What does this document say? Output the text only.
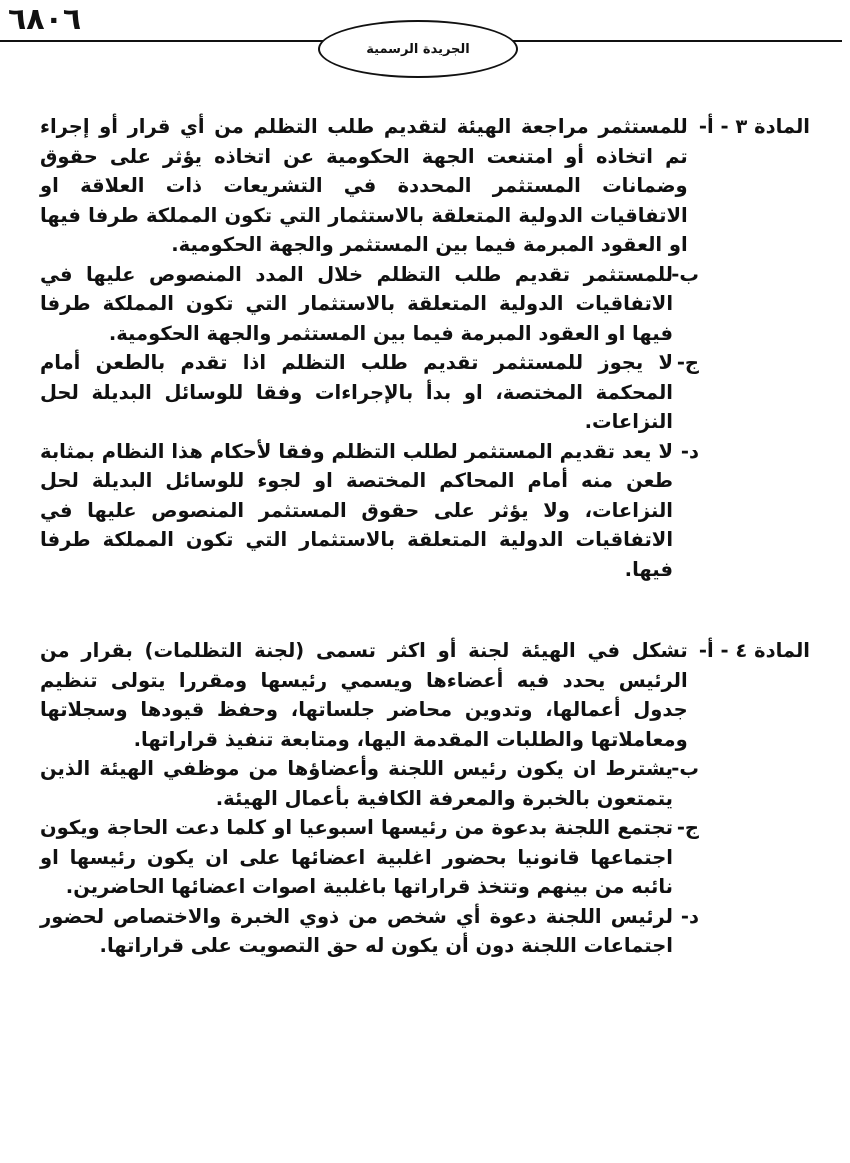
٦٨٠٦
الجريدة الرسمية
المادة ٣ -

أ-
للمستثمر مراجعة الهيئة لتقديم طلب التظلم من أي قرار أو إجراء تم اتخاذه أو امتنعت الجهة الحكومية عن اتخاذه يؤثر على حقوق وضمانات المستثمر المحددة في التشريعات ذات العلاقة او الاتفاقيات الدولية المتعلقة بالاستثمار التي تكون المملكة طرفا فيها او العقود المبرمة فيما بين المستثمر والجهة الحكومية.
ب-
للمستثمر تقديم طلب التظلم خلال المدد المنصوص عليها في الاتفاقيات الدولية المتعلقة بالاستثمار التي تكون المملكة طرفا فيها او العقود المبرمة فيما بين المستثمر والجهة الحكومية.
ج-
لا يجوز للمستثمر تقديم طلب التظلم اذا تقدم بالطعن أمام المحكمة المختصة، او بدأ بالإجراءات وفقا للوسائل البديلة لحل النزاعات.
د-
لا يعد تقديم المستثمر لطلب التظلم وفقا لأحكام هذا النظام بمثابة طعن منه أمام المحاكم المختصة او لجوء للوسائل البديلة لحل النزاعات، ولا يؤثر على حقوق المستثمر المنصوص عليها في الاتفاقيات الدولية المتعلقة بالاستثمار التي تكون المملكة طرفا فيها.
المادة ٤ -

أ-
تشكل في الهيئة لجنة أو اكثر تسمى (لجنة التظلمات) بقرار من الرئيس يحدد فيه أعضاءها ويسمي رئيسها ومقررا يتولى تنظيم جدول أعمالها، وتدوين محاضر جلساتها، وحفظ قيودها وسجلاتها ومعاملاتها والطلبات المقدمة اليها، ومتابعة تنفيذ قراراتها.
ب-
يشترط ان يكون رئيس اللجنة وأعضاؤها من موظفي الهيئة الذين يتمتعون بالخبرة والمعرفة الكافية بأعمال الهيئة.
ج-
تجتمع اللجنة بدعوة من رئيسها اسبوعيا او كلما دعت الحاجة ويكون اجتماعها قانونيا بحضور اغلبية اعضائها على ان يكون رئيسها او نائبه من بينهم وتتخذ قراراتها باغلبية اصوات اعضائها الحاضرين.
د-
لرئيس اللجنة دعوة أي شخص من ذوي الخبرة والاختصاص لحضور اجتماعات اللجنة دون أن يكون له حق التصويت على قراراتها.
